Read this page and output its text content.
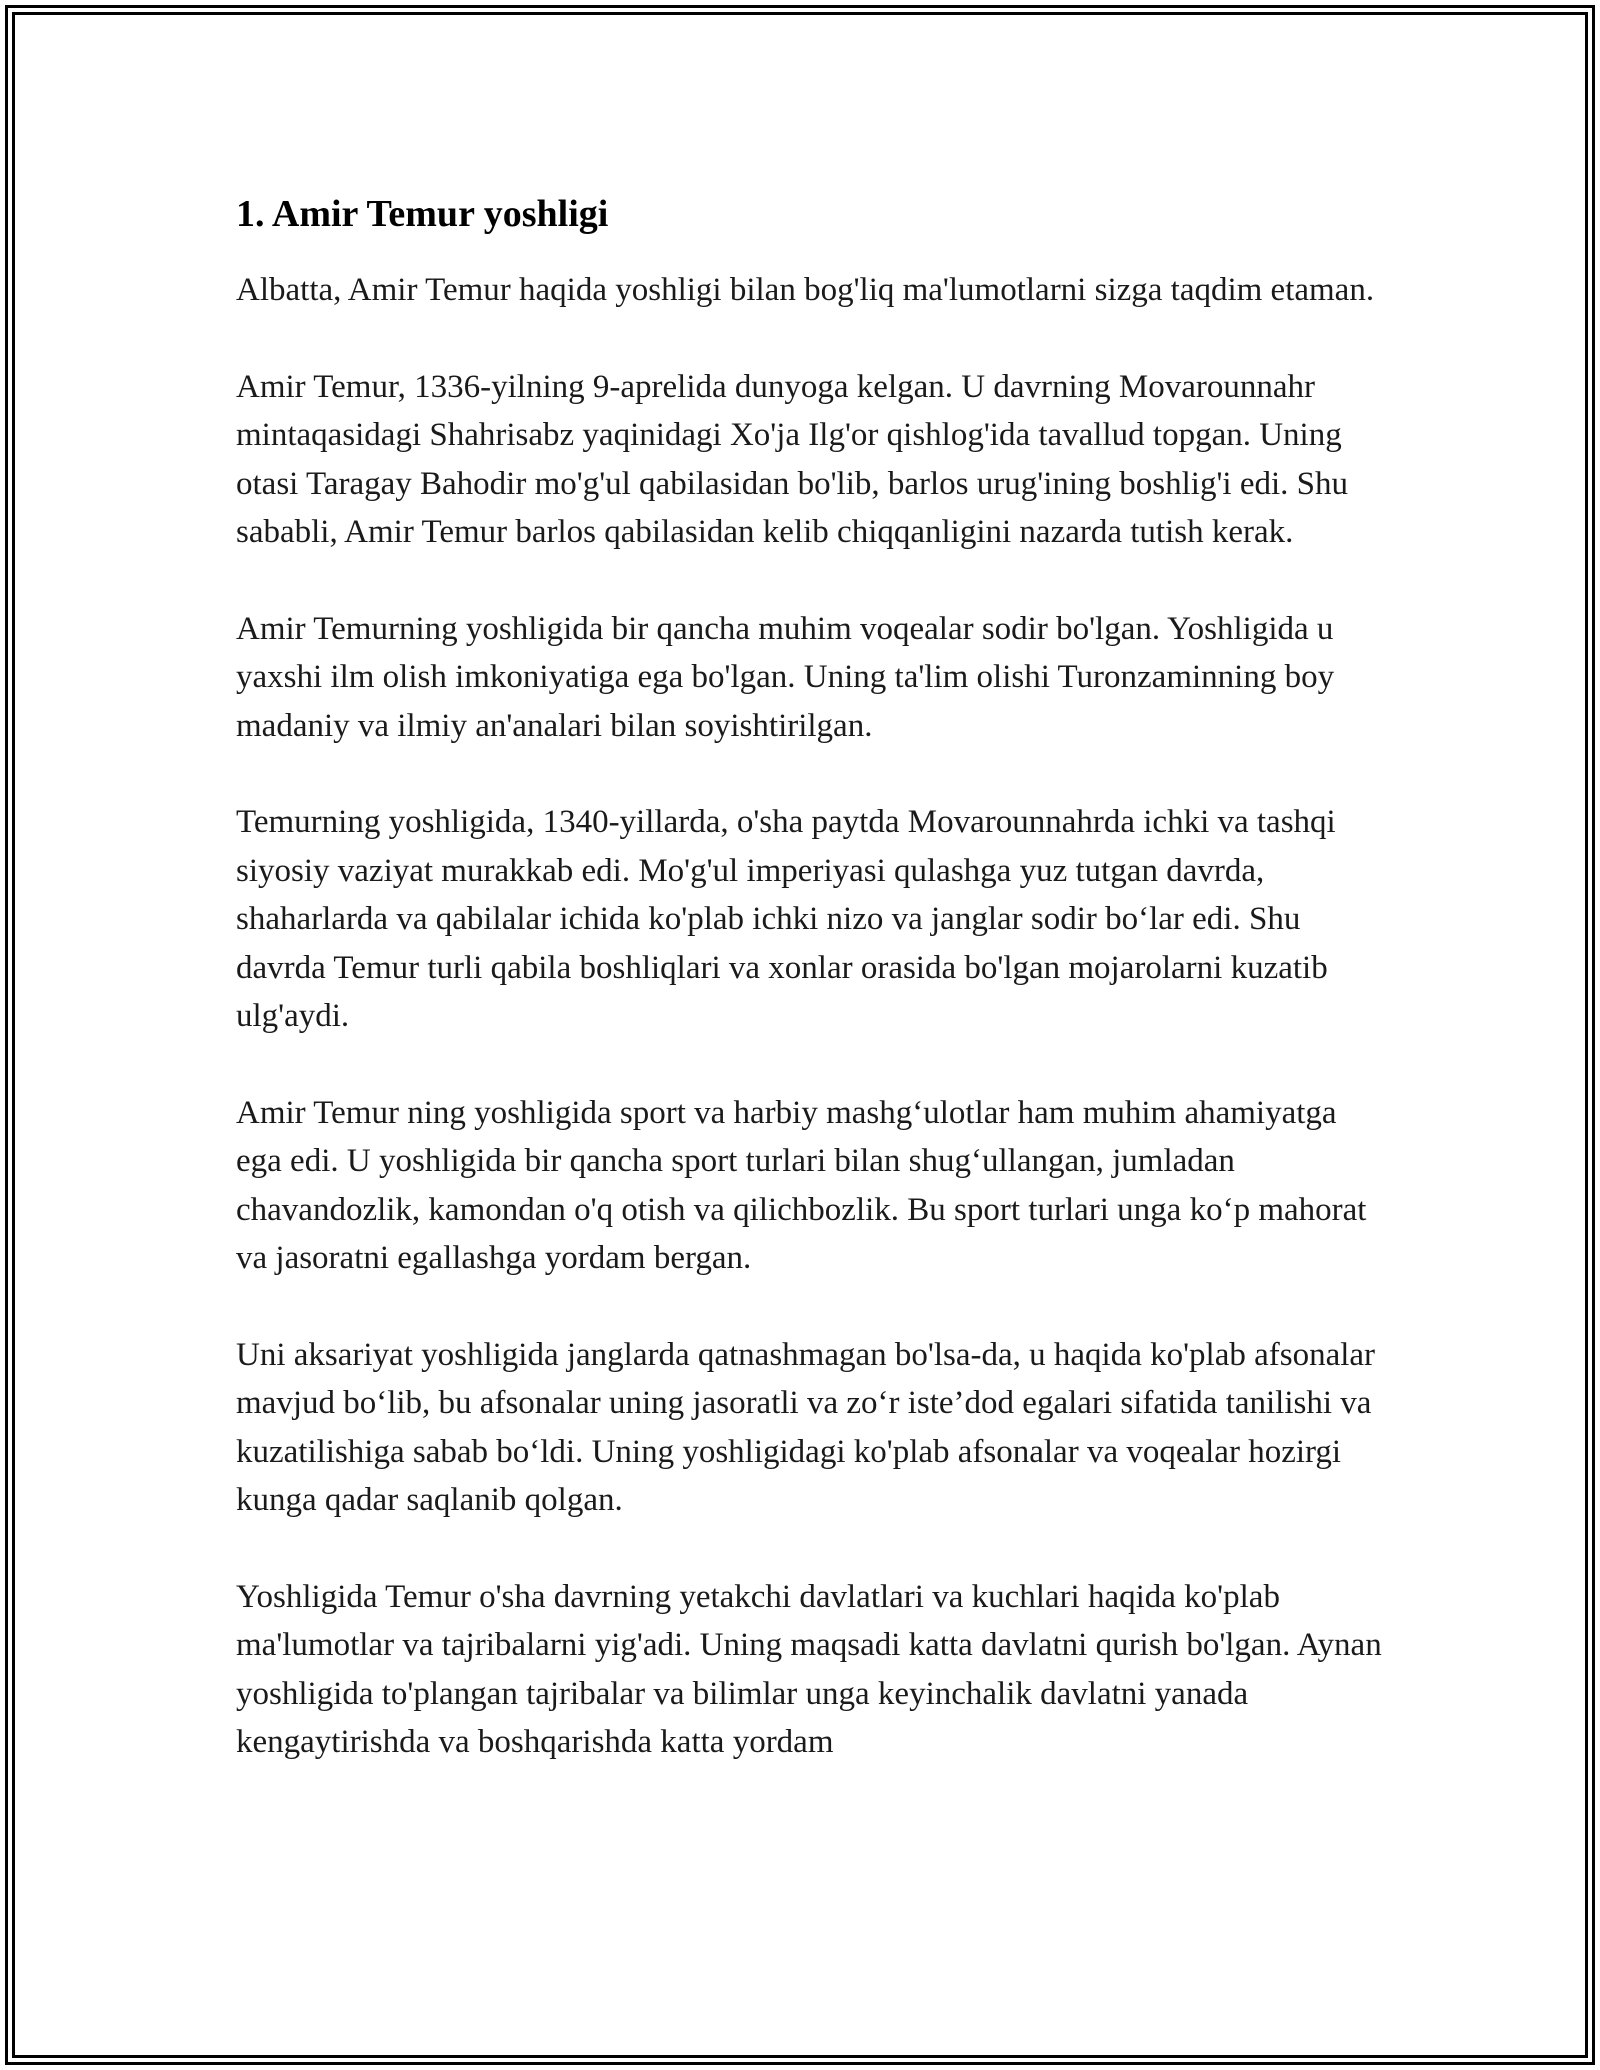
1. Amir Temur yoshligi

Albatta, Amir Temur haqida yoshligi bilan bog'liq ma'lumotlarni sizga taqdim etaman.

Amir Temur, 1336-yilning 9-aprelida dunyoga kelgan. U davrning Movarounnahr mintaqasidagi Shahrisabz yaqinidagi Xo'ja Ilg'or qishlog'ida tavallud topgan. Uning otasi Taragay Bahodir mo'g'ul qabilasidan bo'lib, barlos urug'ining boshlig'i edi. Shu sababli, Amir Temur barlos qabilasidan kelib chiqqanligini nazarda tutish kerak.

Amir Temurning yoshligida bir qancha muhim voqealar sodir bo'lgan. Yoshligida u yaxshi ilm olish imkoniyatiga ega bo'lgan. Uning ta'lim olishi Turonzaminning boy madaniy va ilmiy an'analari bilan soyishtirilgan.

Temurning yoshligida, 1340-yillarda, o'sha paytda Movarounnahrda ichki va tashqi siyosiy vaziyat murakkab edi. Mo'g'ul imperiyasi qulashga yuz tutgan davrda, shaharlarda va qabilalar ichida ko'plab ichki nizo va janglar sodir bo‘lar edi. Shu davrda Temur turli qabila boshliqlari va xonlar orasida bo'lgan mojarolarni kuzatib ulg'aydi.

Amir Temur ning yoshligida sport va harbiy mashg‘ulotlar ham muhim ahamiyatga ega edi. U yoshligida bir qancha sport turlari bilan shug‘ullangan, jumladan chavandozlik, kamondan o'q otish va qilichbozlik. Bu sport turlari unga ko‘p mahorat va jasoratni egallashga yordam bergan.

Uni aksariyat yoshligida janglarda qatnashmagan bo'lsa-da, u haqida ko'plab afsonalar mavjud bo‘lib, bu afsonalar uning jasoratli va zo‘r iste’dod egalari sifatida tanilishi va kuzatilishiga sabab bo‘ldi. Uning yoshligidagi ko'plab afsonalar va voqealar hozirgi kunga qadar saqlanib qolgan.

Yoshligida Temur o'sha davrning yetakchi davlatlari va kuchlari haqida ko'plab ma'lumotlar va tajribalarni yig'adi. Uning maqsadi katta davlatni qurish bo'lgan. Aynan yoshligida to'plangan tajribalar va bilimlar unga keyinchalik davlatni yanada kengaytirishda va boshqarishda katta yordam
